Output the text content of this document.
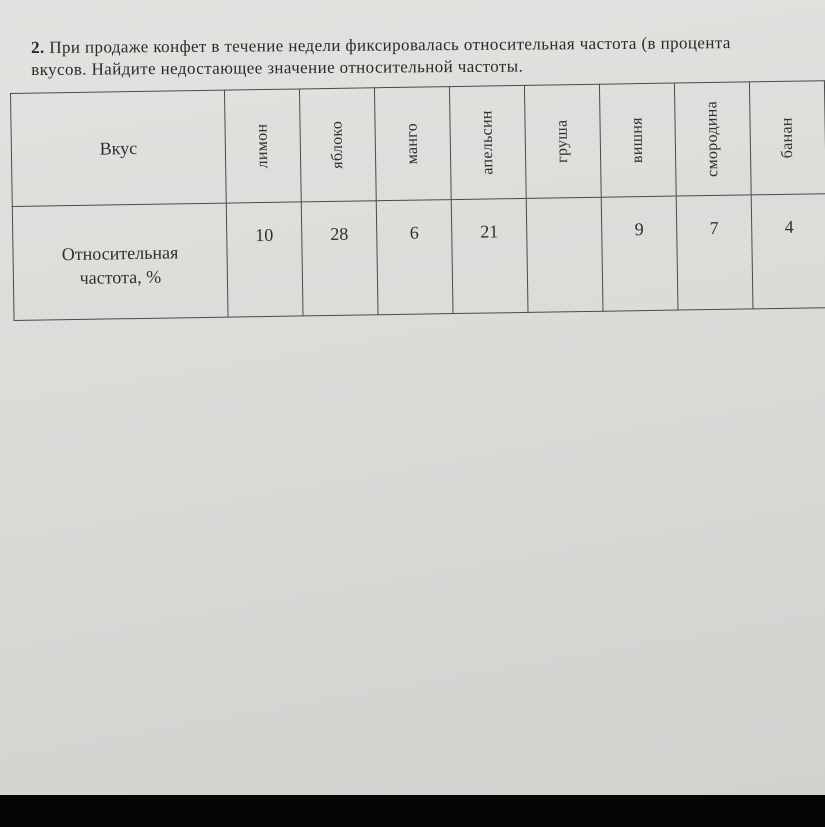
2. При продаже конфет в течение недели фиксировалась относительная частота (в процента
вкусов. Найдите недостающее значение относительной частоты.
Вкус	лимон	яблоко	манго	апельсин	груша	вишня	смородина	банан

Относительная
частота, %	10	28	6	21		9	7	4
